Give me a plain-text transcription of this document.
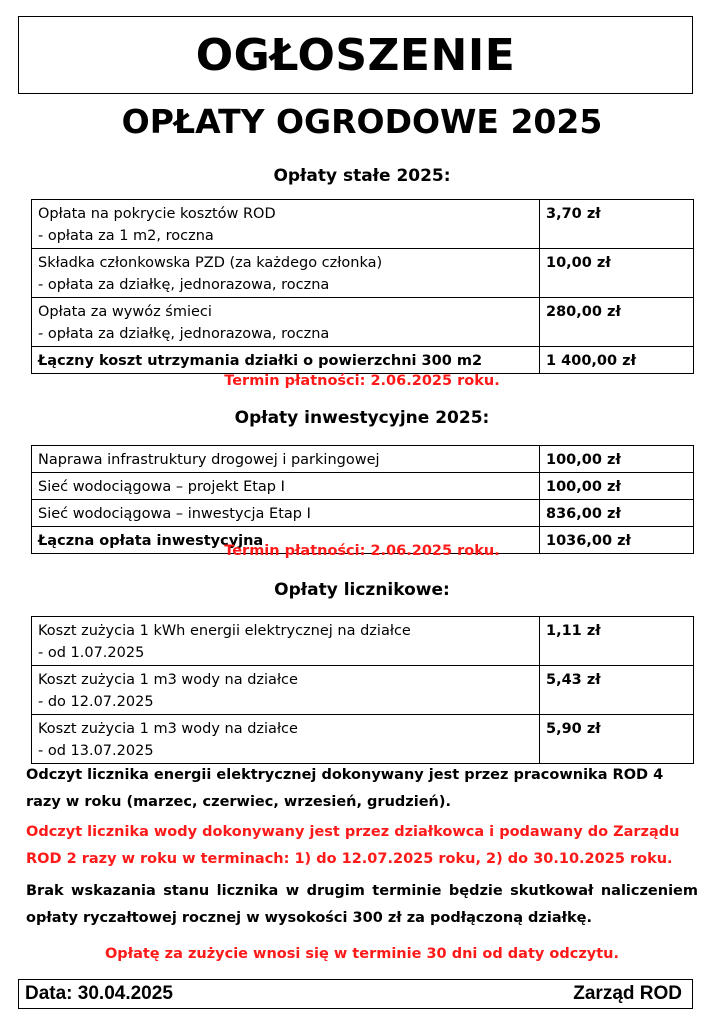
OGŁOSZENIE
OPŁATY OGRODOWE 2025
Opłaty stałe 2025:
Opłata na pokrycie kosztów ROD
- opłata za 1 m2, roczna	3,70 zł

Składka członkowska PZD (za każdego członka)
- opłata za działkę, jednorazowa, roczna	10,00 zł

Opłata za wywóz śmieci
- opłata za działkę, jednorazowa, roczna	280,00 zł
Łączny koszt utrzymania działki o powierzchni 300 m2	1 400,00 zł
Termin płatności: 2.06.2025 roku.
Opłaty inwestycyjne 2025:
Naprawa infrastruktury drogowej i parkingowej	100,00 zł
Sieć wodociągowa – projekt Etap I	100,00 zł
Sieć wodociągowa – inwestycja Etap I	836,00 zł
Łączna opłata inwestycyjna	1036,00 zł
Termin płatności: 2.06.2025 roku.
Opłaty licznikowe:
Koszt zużycia 1 kWh energii elektrycznej na działce
- od 1.07.2025	1,11 zł

Koszt zużycia 1 m3 wody na działce
- do 12.07.2025	5,43 zł

Koszt zużycia 1 m3 wody na działce
- od 13.07.2025	5,90 zł
Odczyt licznika energii elektrycznej dokonywany jest przez pracownika ROD 4 razy w roku (marzec, czerwiec, wrzesień, grudzień).
Odczyt licznika wody dokonywany jest przez działkowca i podawany do Zarządu ROD 2 razy w roku w terminach: 1) do 12.07.2025 roku, 2) do 30.10.2025 roku.
Brak wskazania stanu licznika w drugim terminie będzie skutkował naliczeniem opłaty ryczałtowej rocznej w wysokości 300 zł za podłączoną działkę.
Opłatę za zużycie wnosi się w terminie 30 dni od daty odczytu.
Data: 30.04.2025	Zarząd ROD
